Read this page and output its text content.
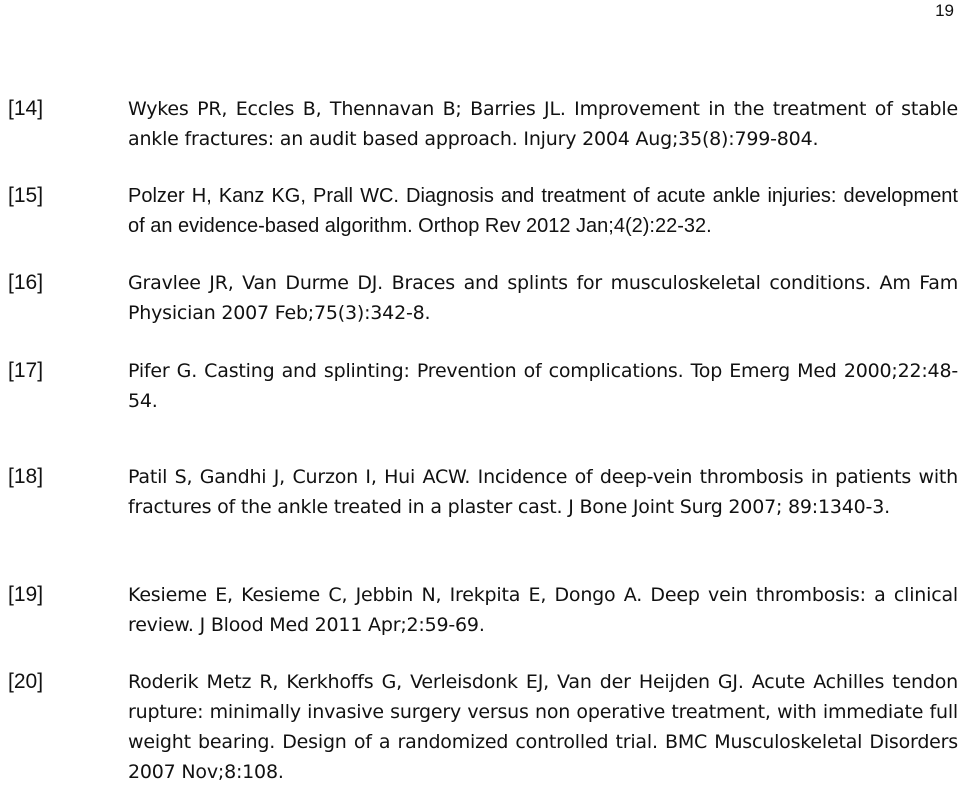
19
[14]	Wykes PR, Eccles B, Thennavan B; Barries JL. Improvement in the treatment of stable ankle fractures: an audit based approach. Injury 2004 Aug;35(8):799-804.

[15]	Polzer H, Kanz KG, Prall WC. Diagnosis and treatment of acute ankle injuries: development of an evidence-based algorithm. Orthop Rev 2012 Jan;4(2):22-32.

[16]	Gravlee JR, Van Durme DJ. Braces and splints for musculoskeletal conditions. Am Fam Physician 2007 Feb;75(3):342-8.

[17]	Pifer G. Casting and splinting: Prevention of complications. Top Emerg Med 2000;22:48-54.

[18]	Patil S, Gandhi J, Curzon I, Hui ACW. Incidence of deep-vein thrombosis in patients with fractures of the ankle treated in a plaster cast. J Bone Joint Surg 2007; 89:1340-3.

[19]	Kesieme E, Kesieme C, Jebbin N, Irekpita E, Dongo A. Deep vein thrombosis: a clinical review. J Blood Med 2011 Apr;2:59-69.

[20]	Roderik Metz R, Kerkhoffs G, Verleisdonk EJ, Van der Heijden GJ. Acute Achilles tendon rupture: minimally invasive surgery versus non operative treatment, with immediate full weight bearing. Design of a randomized controlled trial. BMC Musculoskeletal Disorders 2007 Nov;8:108.
